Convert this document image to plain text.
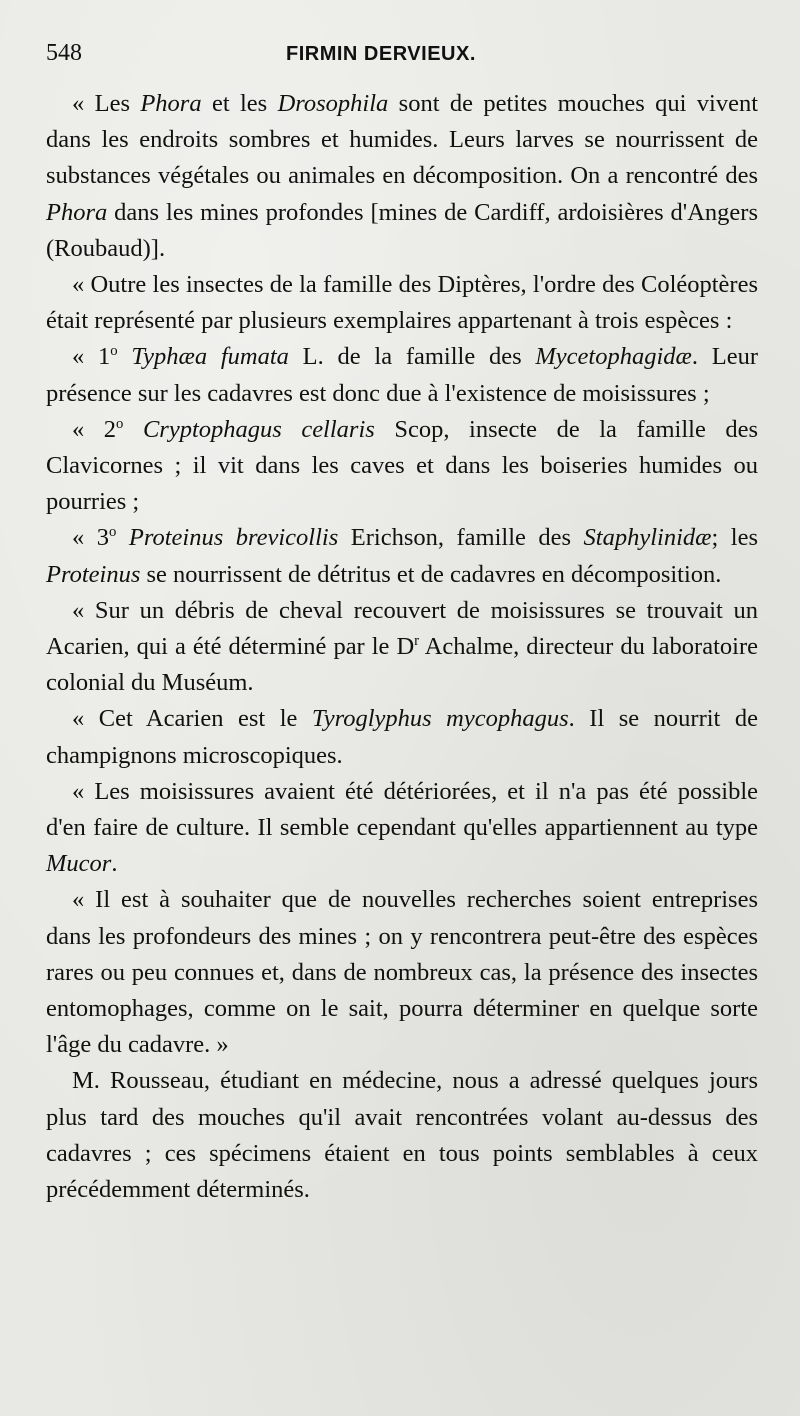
548	FIRMIN DERVIEUX.

« Les Phora et les Drosophila sont de petites mouches qui vivent dans les endroits sombres et humides. Leurs larves se nourrissent de substances végétales ou animales en décomposition. On a rencontré des Phora dans les mines profondes [mines de Cardiff, ardoisières d'Angers (Roubaud)].

« Outre les insectes de la famille des Diptères, l'ordre des Coléoptères était représenté par plusieurs exemplaires appartenant à trois espèces :

« 1$^o$ Typhæa fumata L. de la famille des Mycetophagidæ. Leur présence sur les cadavres est donc due à l'existence de moisissures ;

« 2$^o$ Cryptophagus cellaris Scop, insecte de la famille des Clavicornes ; il vit dans les caves et dans les boiseries humides ou pourries ;

« 3$^o$ Proteinus brevicollis Erichson, famille des Staphylinidæ; les Proteinus se nourrissent de détritus et de cadavres en décomposition.

« Sur un débris de cheval recouvert de moisissures se trouvait un Acarien, qui a été déterminé par le $D^r$ Achalme, directeur du laboratoire colonial du Muséum.

« Cet Acarien est le Tyroglyphus mycophagus. Il se nourrit de champignons microscopiques.

« Les moisissures avaient été détériorées, et il n'a pas été possible d'en faire de culture. Il semble cependant qu'elles appartiennent au type Mucor.

« Il est à souhaiter que de nouvelles recherches soient entreprises dans les profondeurs des mines ; on y rencontrera peut-être des espèces rares ou peu connues et, dans de nombreux cas, la présence des insectes entomophages, comme on le sait, pourra déterminer en quelque sorte l'âge du cadavre. »

M. Rousseau, étudiant en médecine, nous a adressé quelques jours plus tard des mouches qu'il avait rencontrées volant au-dessus des cadavres ; ces spécimens étaient en tous points semblables à ceux précédemment déterminés.
